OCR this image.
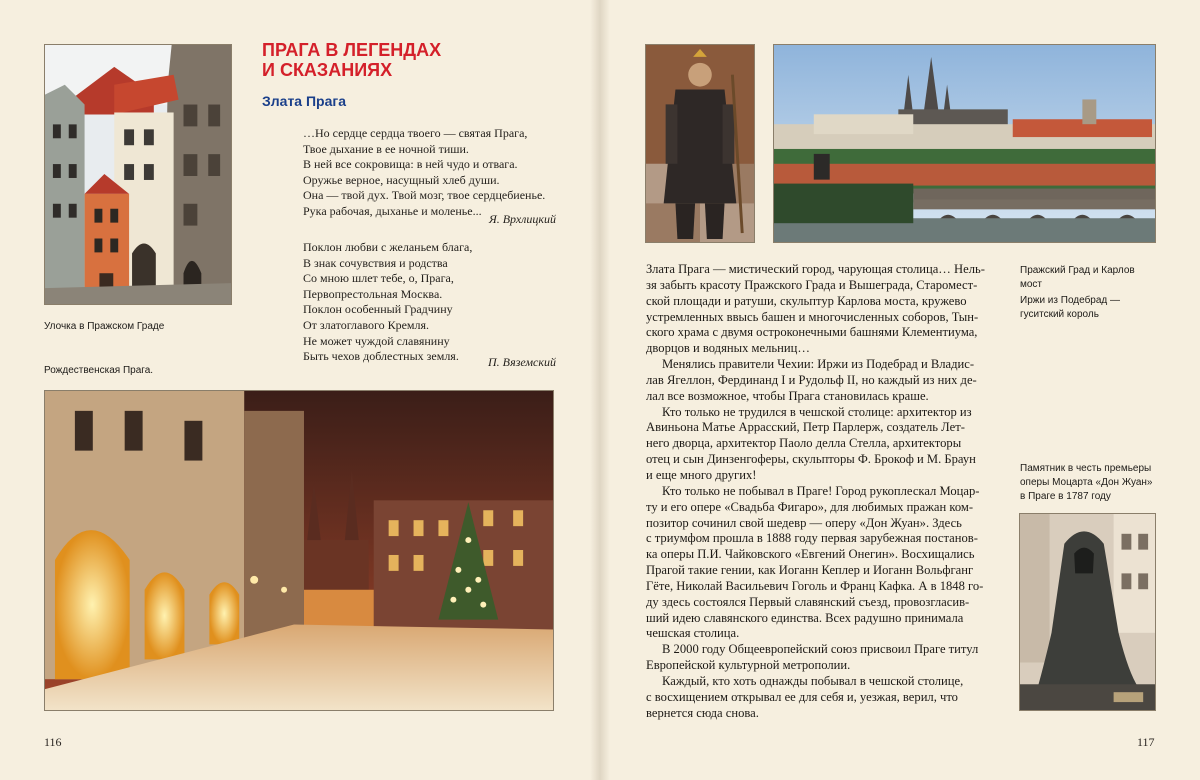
Улочка в Пражском Граде
ПРАГА В ЛЕГЕНДАХ
И СКАЗАНИЯХ
Злата Прага
…Но сердце сердца твоего — святая Прага,
Твое дыхание в ее ночной тиши.
В ней все сокровища: в ней чудо и отвага.
Оружье верное, насущный хлеб души.
Она — твой дух. Твой мозг, твое сердцебиенье.
Рука рабочая, дыханье и моленье...
Я. Врхлицкий
Поклон любви с желаньем блага,
В знак сочувствия и родства
Со мною шлет тебе, о, Прага,
Первопрестольная Москва.
Поклон особенный Градчину
От златоглавого Кремля.
Не может чуждой славянину
Быть чехов доблестных земля.	П. Вяземский
Рождественская Прага.
116
Пражский Град и Карлов
мост
Иржи из Подебрад —
гуситский король
Памятник в честь премьеры
оперы Моцарта «Дон Жуан»
в Праге в 1787 году
Злата Прага — мистический город, чарующая столица… Нель-
зя забыть красоту Пражского Града и Вышеграда, Старомест-
ской площади и ратуши, скульптур Карлова моста, кружево
устремленных ввысь башен и многочисленных соборов, Тын-
ского храма с двумя остроконечными башнями Клементиума,
дворцов и водяных мельниц…
Менялись правители Чехии: Иржи из Подебрад и Владис-
лав Ягеллон, Фердинанд I и Рудольф II, но каждый из них де-
лал все возможное, чтобы Прага становилась краше.
Кто только не трудился в чешской столице: архитектор из
Авиньона Матье Аррасский, Петр Парлерж, создатель Лет-
него дворца, архитектор Паоло делла Стелла, архитекторы
отец и сын Динзенгоферы, скульпторы Ф. Брокоф и М. Браун
и еще много других!
Кто только не побывал в Праге! Город рукоплескал Моцар-
ту и его опере «Свадьба Фигаро», для любимых пражан ком-
позитор сочинил свой шедевр — оперу «Дон Жуан». Здесь
с триумфом прошла в 1888 году первая зарубежная постанов-
ка оперы П.И. Чайковского «Евгений Онегин». Восхищались
Прагой такие гении, как Иоганн Кеплер и Иоганн Вольфганг
Гёте, Николай Васильевич Гоголь и Франц Кафка. А в 1848 го-
ду здесь состоялся Первый славянский съезд, провозгласив-
ший идею славянского единства. Всех радушно принимала
чешская столица.
В 2000 году Общеевропейский союз присвоил Праге титул
Европейской культурной метрополии.
Каждый, кто хоть однажды побывал в чешской столице,
с восхищением открывал ее для себя и, уезжая, верил, что
вернется сюда снова.
117
